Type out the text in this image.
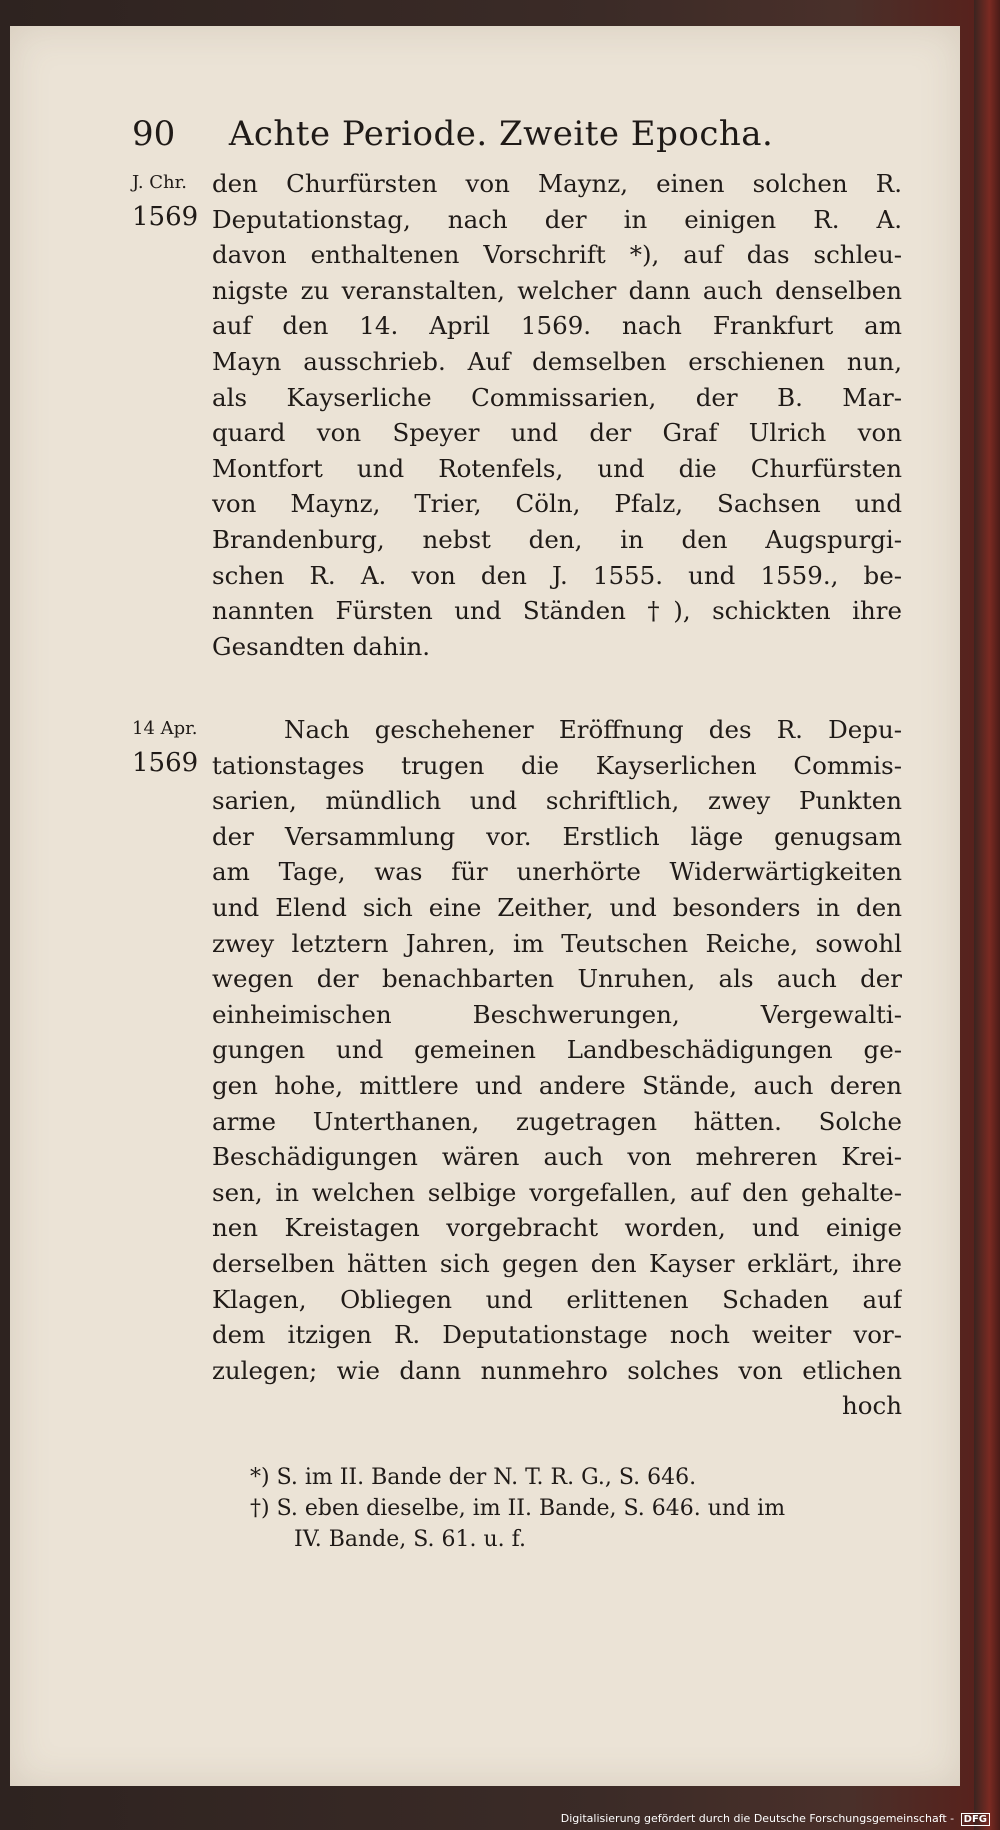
90 Achte Periode. Zweite Epocha.
J. Chr.
1569
14 Apr.
1569
den Churfürsten von Maynz, einen solchen R.
Deputationstag, nach der in einigen R. A.
davon enthaltenen Vorschrift *), auf das schleu-
nigste zu veranstalten, welcher dann auch denselben
auf den 14. April 1569. nach Frankfurt am
Mayn ausschrieb. Auf demselben erschienen nun,
als Kayserliche Commissarien, der B. Mar-
quard von Speyer und der Graf Ulrich von
Montfort und Rotenfels, und die Churfürsten
von Maynz, Trier, Cöln, Pfalz, Sachsen und
Brandenburg, nebst den, in den Augspurgi-
schen R. A. von den J. 1555. und 1559., be-
nannten Fürsten und Ständen †), schickten ihre
Gesandten dahin.
Nach geschehener Eröffnung des R. Depu-
tationstages trugen die Kayserlichen Commis-
sarien, mündlich und schriftlich, zwey Punkten
der Versammlung vor. Erstlich läge genugsam
am Tage, was für unerhörte Widerwärtigkeiten
und Elend sich eine Zeither, und besonders in den
zwey letztern Jahren, im Teutschen Reiche, sowohl
wegen der benachbarten Unruhen, als auch der
einheimischen Beschwerungen, Vergewalti-
gungen und gemeinen Landbeschädigungen ge-
gen hohe, mittlere und andere Stände, auch deren
arme Unterthanen, zugetragen hätten. Solche
Beschädigungen wären auch von mehreren Krei-
sen, in welchen selbige vorgefallen, auf den gehalte-
nen Kreistagen vorgebracht worden, und einige
derselben hätten sich gegen den Kayser erklärt, ihre
Klagen, Obliegen und erlittenen Schaden auf
dem itzigen R. Deputationstage noch weiter vor-
zulegen; wie dann nunmehro solches von etlichen
hoch
*) S. im II. Bande der N. T. R. G., S. 646.
†) S. eben dieselbe, im II. Bande, S. 646. und im
IV. Bande, S. 61. u. f.
Digitalisierung gefördert durch die Deutsche Forschungsgemeinschaft - DFG
